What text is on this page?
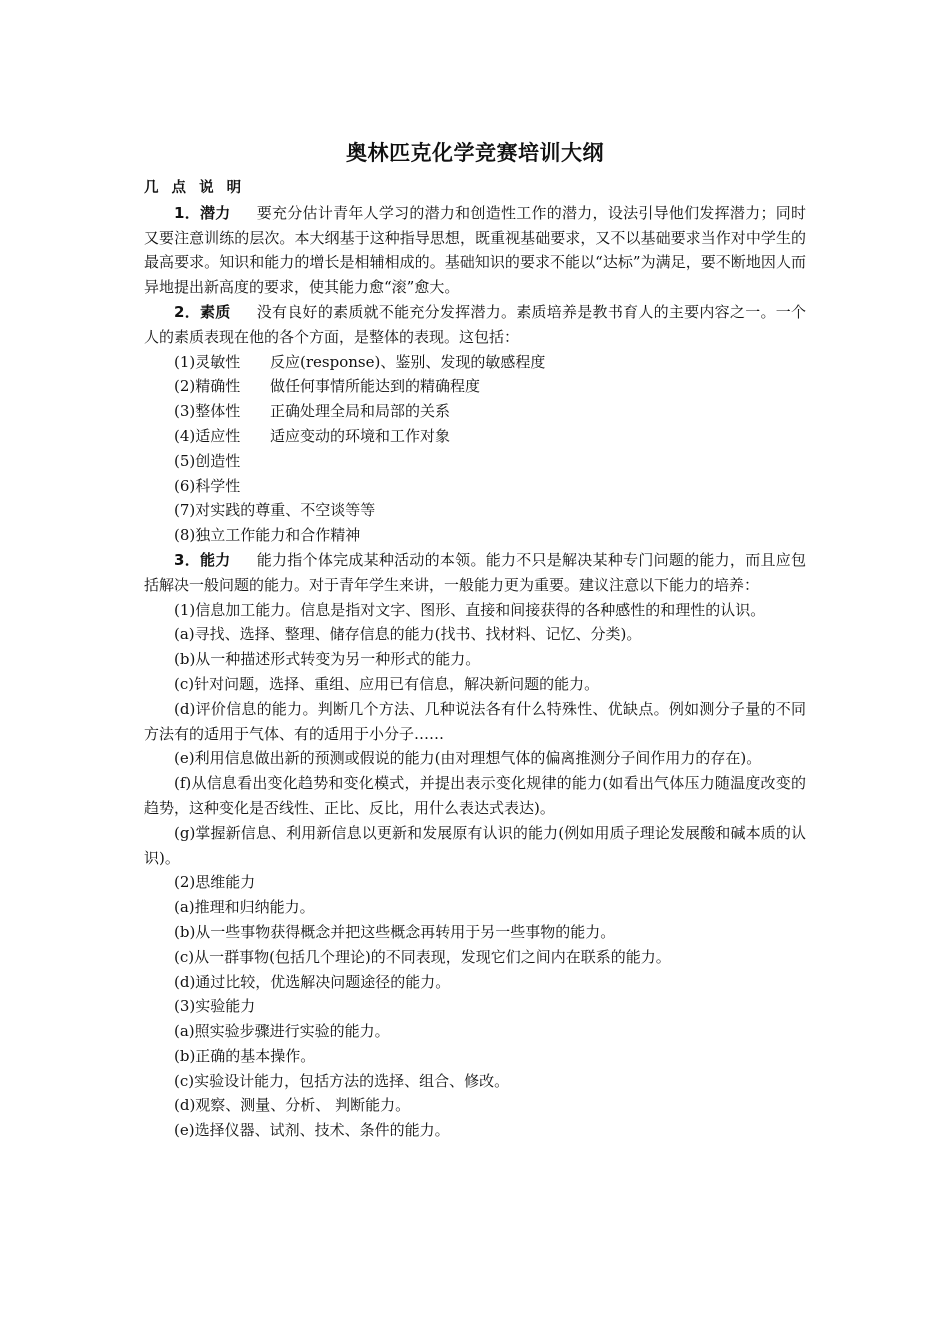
奥林匹克化学竞赛培训大纲

几 点 说 明

1．潜力 要充分估计青年人学习的潜力和创造性工作的潜力，设法引导他们发挥潜力；同时又要注意训练的层次。本大纲基于这种指导思想，既重视基础要求，又不以基础要求当作对中学生的最高要求。知识和能力的增长是相辅相成的。基础知识的要求不能以“达标”为满足，要不断地因人而异地提出新高度的要求，使其能力愈“滚”愈大。

2．素质 没有良好的素质就不能充分发挥潜力。素质培养是教书育人的主要内容之一。一个人的素质表现在他的各个方面，是整体的表现。这包括：

(1)灵敏性 反应(response)、鉴别、发现的敏感程度

(2)精确性 做任何事情所能达到的精确程度

(3)整体性 正确处理全局和局部的关系

(4)适应性 适应变动的环境和工作对象

(5)创造性

(6)科学性

(7)对实践的尊重、不空谈等等

(8)独立工作能力和合作精神

3．能力 能力指个体完成某种活动的本领。能力不只是解决某种专门问题的能力，而且应包括解决一般问题的能力。对于青年学生来讲，一般能力更为重要。建议注意以下能力的培养：

(1)信息加工能力。信息是指对文字、图形、直接和间接获得的各种感性的和理性的认识。

(a)寻找、选择、整理、储存信息的能力(找书、找材料、记忆、分类)。

(b)从一种描述形式转变为另一种形式的能力。

(c)针对问题，选择、重组、应用已有信息，解决新问题的能力。

(d)评价信息的能力。判断几个方法、几种说法各有什么特殊性、优缺点。例如测分子量的不同方法有的适用于气体、有的适用于小分子……

(e)利用信息做出新的预测或假说的能力(由对理想气体的偏离推测分子间作用力的存在)。

(f)从信息看出变化趋势和变化模式，并提出表示变化规律的能力(如看出气体压力随温度改变的趋势，这种变化是否线性、正比、反比，用什么表达式表达)。

(g)掌握新信息、利用新信息以更新和发展原有认识的能力(例如用质子理论发展酸和碱本质的认识)。

(2)思维能力

(a)推理和归纳能力。

(b)从一些事物获得概念并把这些概念再转用于另一些事物的能力。

(c)从一群事物(包括几个理论)的不同表现，发现它们之间内在联系的能力。

(d)通过比较，优选解决问题途径的能力。

(3)实验能力

(a)照实验步骤进行实验的能力。

(b)正确的基本操作。

(c)实验设计能力，包括方法的选择、组合、修改。

(d)观察、测量、分析、 判断能力。

(e)选择仪器、试剂、技术、条件的能力。
